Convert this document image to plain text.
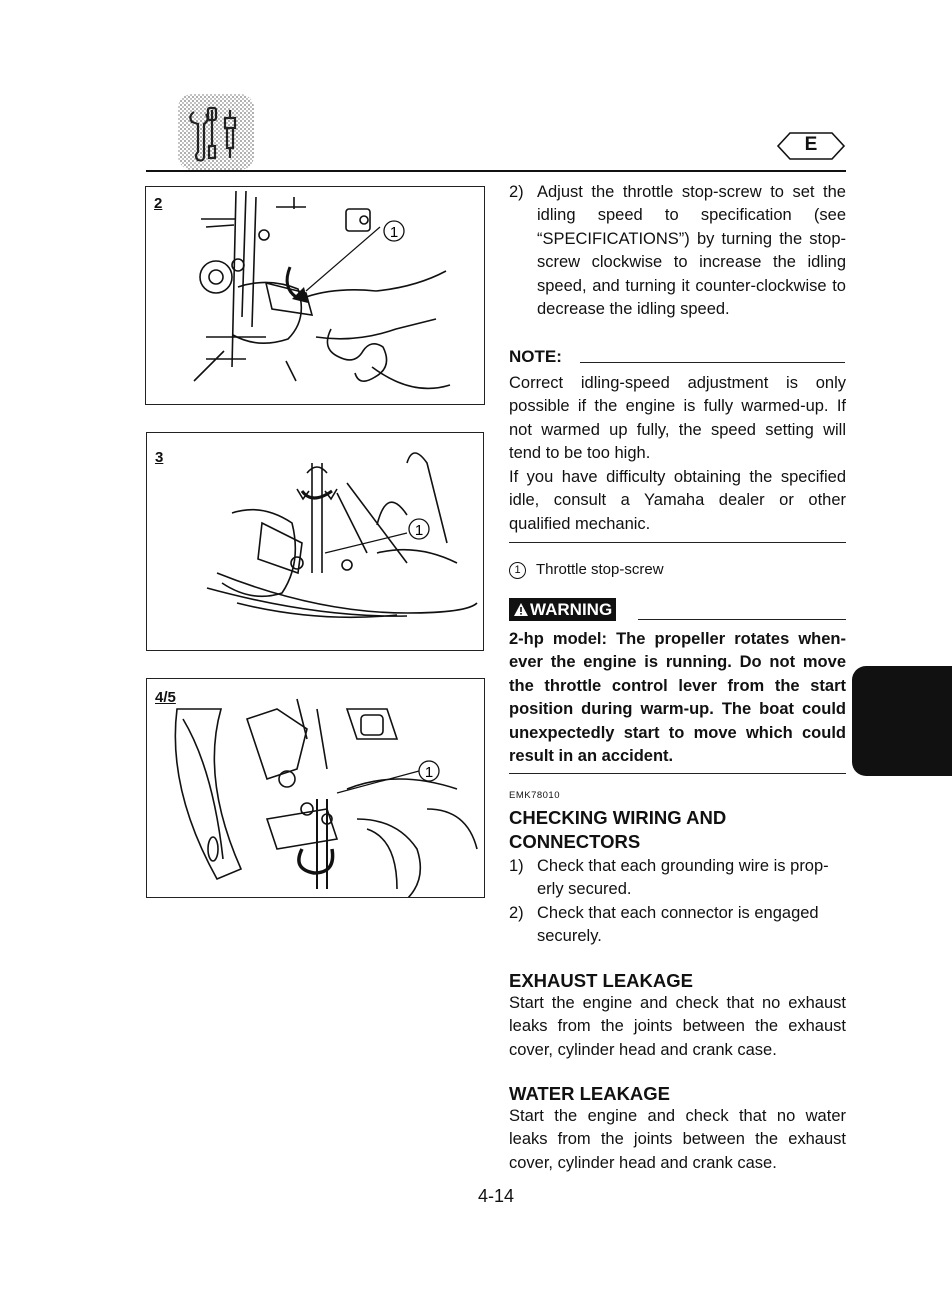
E
2
1
3
1
4/5
1
2) Adjust the throttle stop-screw to set the idling speed to specification (see “SPECIFICATIONS”) by turning the stop-screw clockwise to increase the idling speed, and turning it counter-clockwise to decrease the idling speed.
NOTE:
Correct idling-speed adjustment is only possible if the engine is fully warmed-up. If not warmed up fully, the speed setting will tend to be too high.
If you have difficulty obtaining the specified idle, consult a Yamaha dealer or other qualified mechanic.
1 Throttle stop-screw
WARNING
2-hp model: The propeller rotates when-ever the engine is running. Do not move the throttle control lever from the start position during warm-up. The boat could unexpectedly start to move which could result in an accident.
EMK78010
CHECKING WIRING AND CONNECTORS
1) Check that each grounding wire is prop-erly secured.
2) Check that each connector is engaged securely.
EXHAUST LEAKAGE
Start the engine and check that no exhaust leaks from the joints between the exhaust cover, cylinder head and crank case.
WATER LEAKAGE
Start the engine and check that no water leaks from the joints between the exhaust cover, cylinder head and crank case.
4-14
